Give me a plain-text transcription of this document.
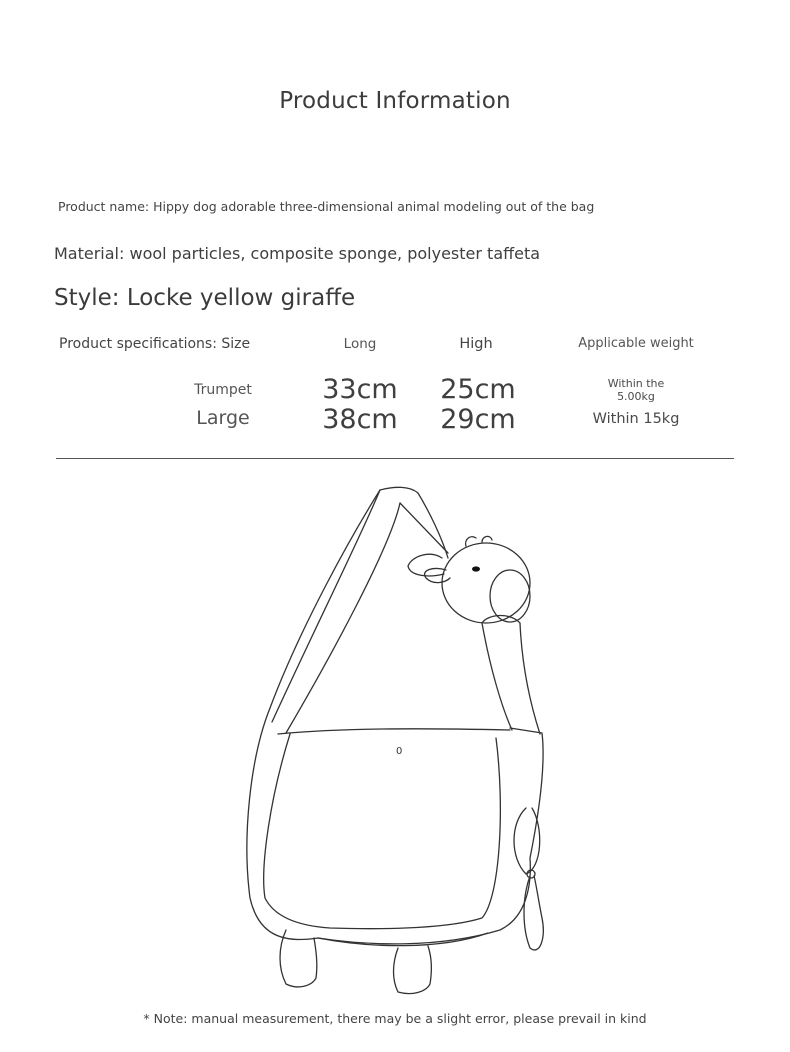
Product Information
Product name: Hippy dog adorable three-dimensional animal modeling out of the bag
Material: wool particles, composite sponge, polyester taffeta
Style: Locke yellow giraffe
Product specifications: Size	Long	High	Applicable weight
Trumpet	33cm	25cm	Within the 5.00kg
Large	38cm	29cm	Within 15kg
0
* Note: manual measurement, there may be a slight error, please prevail in kind
